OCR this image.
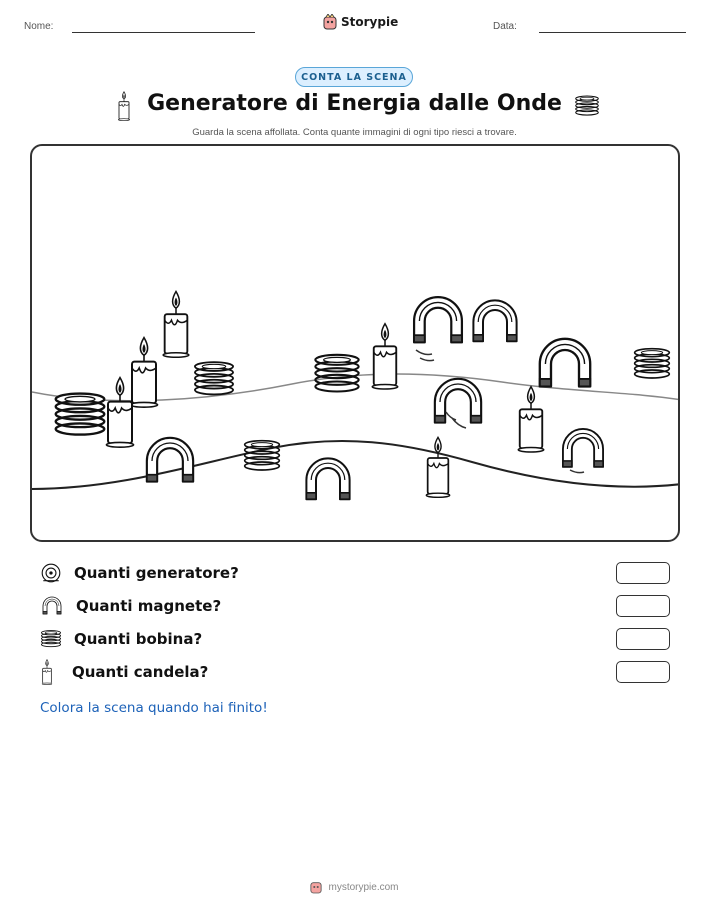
Nome:	Storypie	Data:
CONTA LA SCENA
Generatore di Energia dalle Onde
Guarda la scena affollata. Conta quante immagini di ogni tipo riesci a trovare.
Quanti generatore?
Quanti magnete?
Quanti bobina?
Quanti candela?
Colora la scena quando hai finito!
mystorypie.com
